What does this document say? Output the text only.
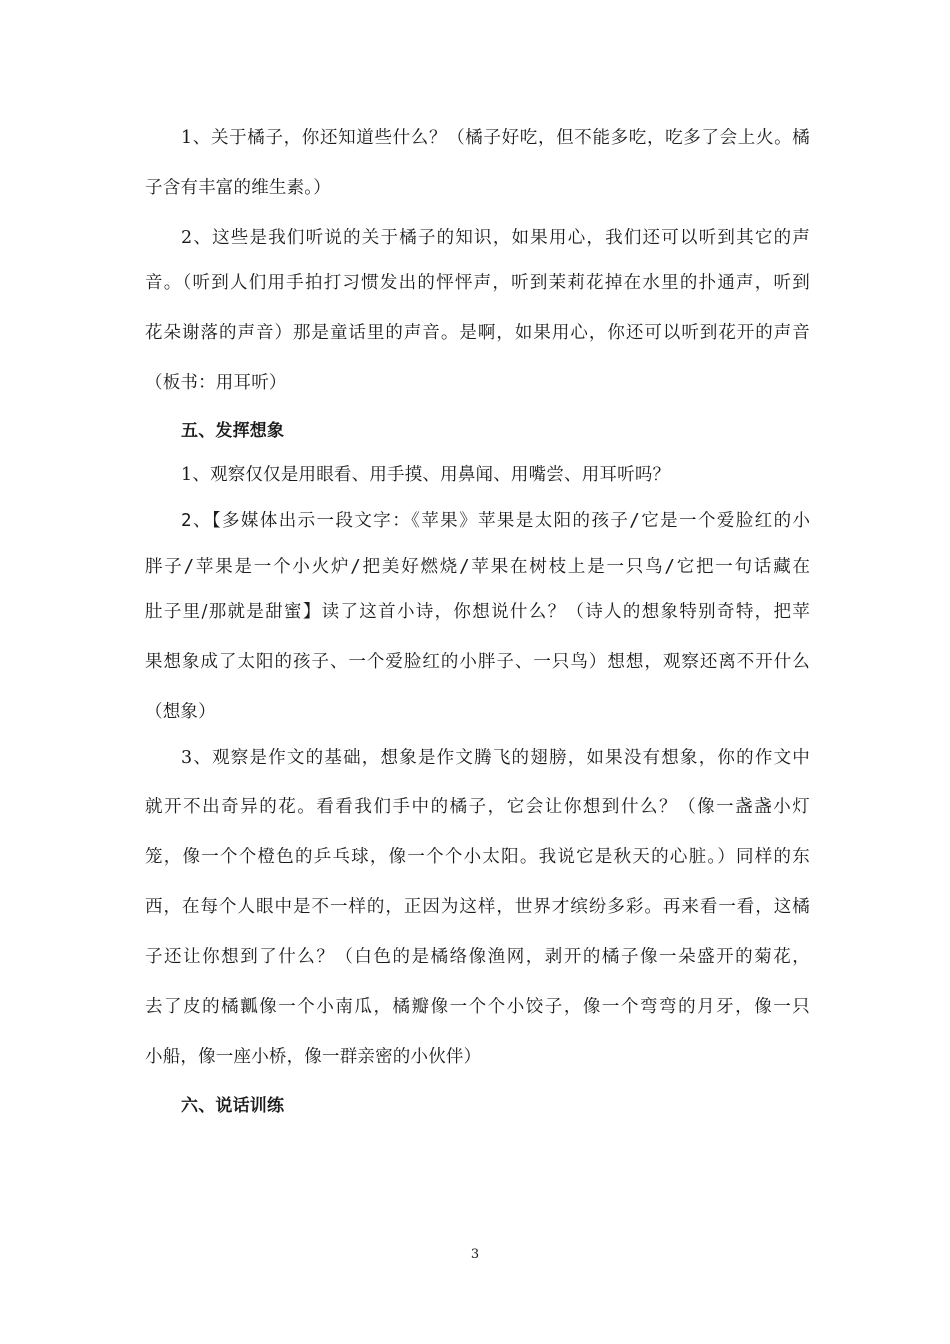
1、关于橘子，你还知道些什么？（橘子好吃，但不能多吃，吃多了会上火。橘
子含有丰富的维生素。）
2、这些是我们听说的关于橘子的知识，如果用心，我们还可以听到其它的声
音。（听到人们用手拍打习惯发出的怦怦声，听到茉莉花掉在水里的扑通声，听到
花朵谢落的声音）那是童话里的声音。是啊，如果用心，你还可以听到花开的声音
（板书：用耳听）
五、发挥想象
1、观察仅仅是用眼看、用手摸、用鼻闻、用嘴尝、用耳听吗？
2、【多媒体出示一段文字：《苹果》苹果是太阳的孩子/它是一个爱脸红的小
胖子/苹果是一个小火炉/把美好燃烧/苹果在树枝上是一只鸟/它把一句话藏在
肚子里/那就是甜蜜】读了这首小诗，你想说什么？（诗人的想象特别奇特，把苹
果想象成了太阳的孩子、一个爱脸红的小胖子、一只鸟）想想，观察还离不开什么
（想象）
3、观察是作文的基础，想象是作文腾飞的翅膀，如果没有想象，你的作文中
就开不出奇异的花。看看我们手中的橘子，它会让你想到什么？（像一盏盏小灯
笼，像一个个橙色的乒乓球，像一个个小太阳。我说它是秋天的心脏。）同样的东
西，在每个人眼中是不一样的，正因为这样，世界才缤纷多彩。再来看一看，这橘
子还让你想到了什么？（白色的是橘络像渔网，剥开的橘子像一朵盛开的菊花，
去了皮的橘瓤像一个小南瓜，橘瓣像一个个小饺子，像一个弯弯的月牙，像一只
小船，像一座小桥，像一群亲密的小伙伴）
六、说话训练
3
